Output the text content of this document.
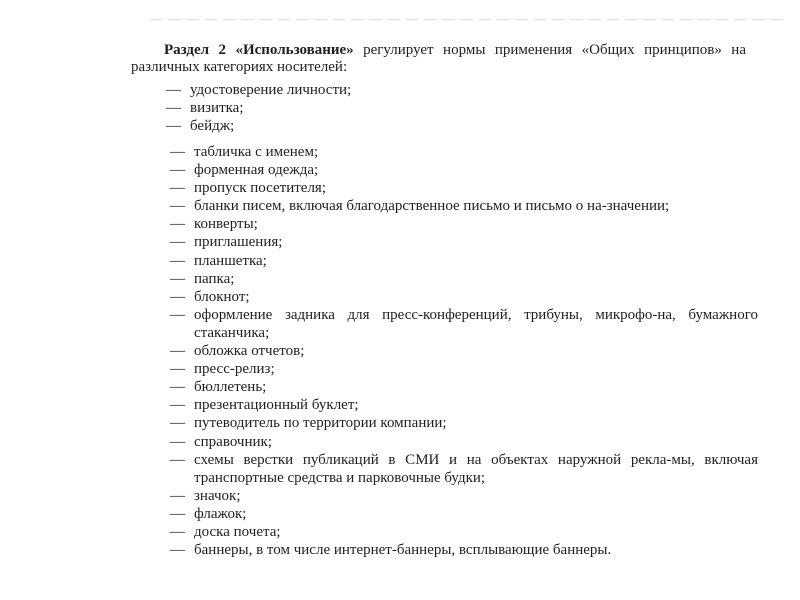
— — — — — — — — — — — — — — — — — — — — — — — — — — — — — — — — — — —

Раздел 2 «Использование» регулирует нормы применения «Общих принципов» на различных категориях носителей:

— удостоверение личности;
— визитка;
— бейдж;
— табличка с именем;
— форменная одежда;
— пропуск посетителя;
— бланки писем, включая благодарственное письмо и письмо о на-значении;
— конверты;
— приглашения;
— планшетка;
— папка;
— блокнот;
— оформление задника для пресс-конференций, трибуны, микрофо-на, бумажного стаканчика;
— обложка отчетов;
— пресс-релиз;
— бюллетень;
— презентационный буклет;
— путеводитель по территории компании;
— справочник;
— схемы верстки публикаций в СМИ и на объектах наружной рекла-мы, включая транспортные средства и парковочные будки;
— значок;
— флажок;
— доска почета;
— баннеры, в том числе интернет-баннеры, всплывающие баннеры.
